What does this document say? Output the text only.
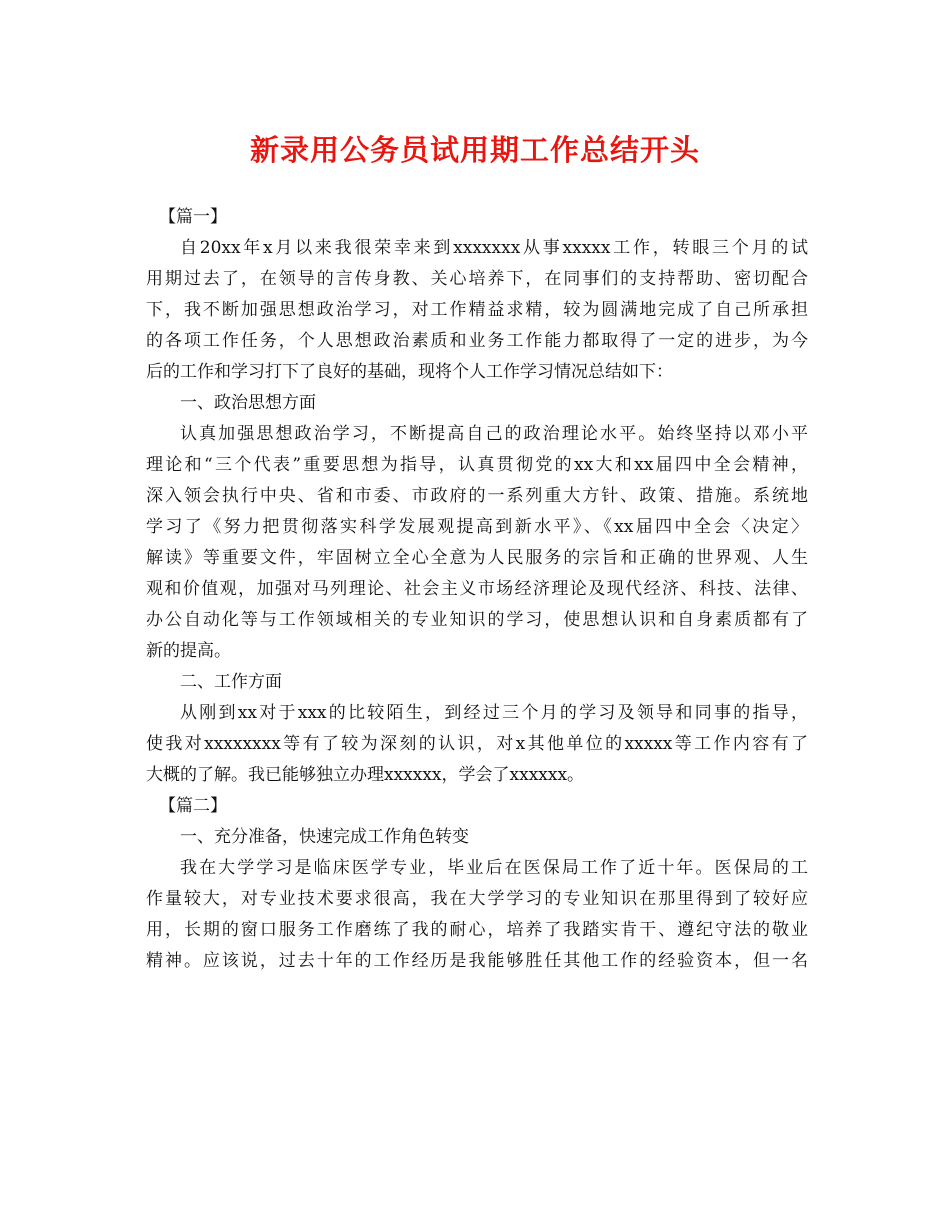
新录用公务员试用期工作总结开头
【篇一】
自20xx年x月以来我很荣幸来到xxxxxxx从事xxxxx工作，转眼三个月的试
用期过去了，在领导的言传身教、关心培养下，在同事们的支持帮助、密切配合
下，我不断加强思想政治学习，对工作精益求精，较为圆满地完成了自己所承担
的各项工作任务，个人思想政治素质和业务工作能力都取得了一定的进步，为今
后的工作和学习打下了良好的基础，现将个人工作学习情况总结如下：
一、政治思想方面
认真加强思想政治学习，不断提高自己的政治理论水平。始终坚持以邓小平
理论和“三个代表”重要思想为指导，认真贯彻党的xx大和xx届四中全会精神，
深入领会执行中央、省和市委、市政府的一系列重大方针、政策、措施。系统地
学习了《努力把贯彻落实科学发展观提高到新水平》、《xx届四中全会〈决定〉
解读》等重要文件，牢固树立全心全意为人民服务的宗旨和正确的世界观、人生
观和价值观，加强对马列理论、社会主义市场经济理论及现代经济、科技、法律、
办公自动化等与工作领域相关的专业知识的学习，使思想认识和自身素质都有了
新的提高。
二、工作方面
从刚到xx对于xxx的比较陌生，到经过三个月的学习及领导和同事的指导，
使我对xxxxxxxx等有了较为深刻的认识，对x其他单位的xxxxx等工作内容有了
大概的了解。我已能够独立办理xxxxxx，学会了xxxxxx。
【篇二】
一、充分准备，快速完成工作角色转变
我在大学学习是临床医学专业，毕业后在医保局工作了近十年。医保局的工
作量较大，对专业技术要求很高，我在大学学习的专业知识在那里得到了较好应
用，长期的窗口服务工作磨练了我的耐心，培养了我踏实肯干、遵纪守法的敬业
精神。应该说，过去十年的工作经历是我能够胜任其他工作的经验资本，但一名
